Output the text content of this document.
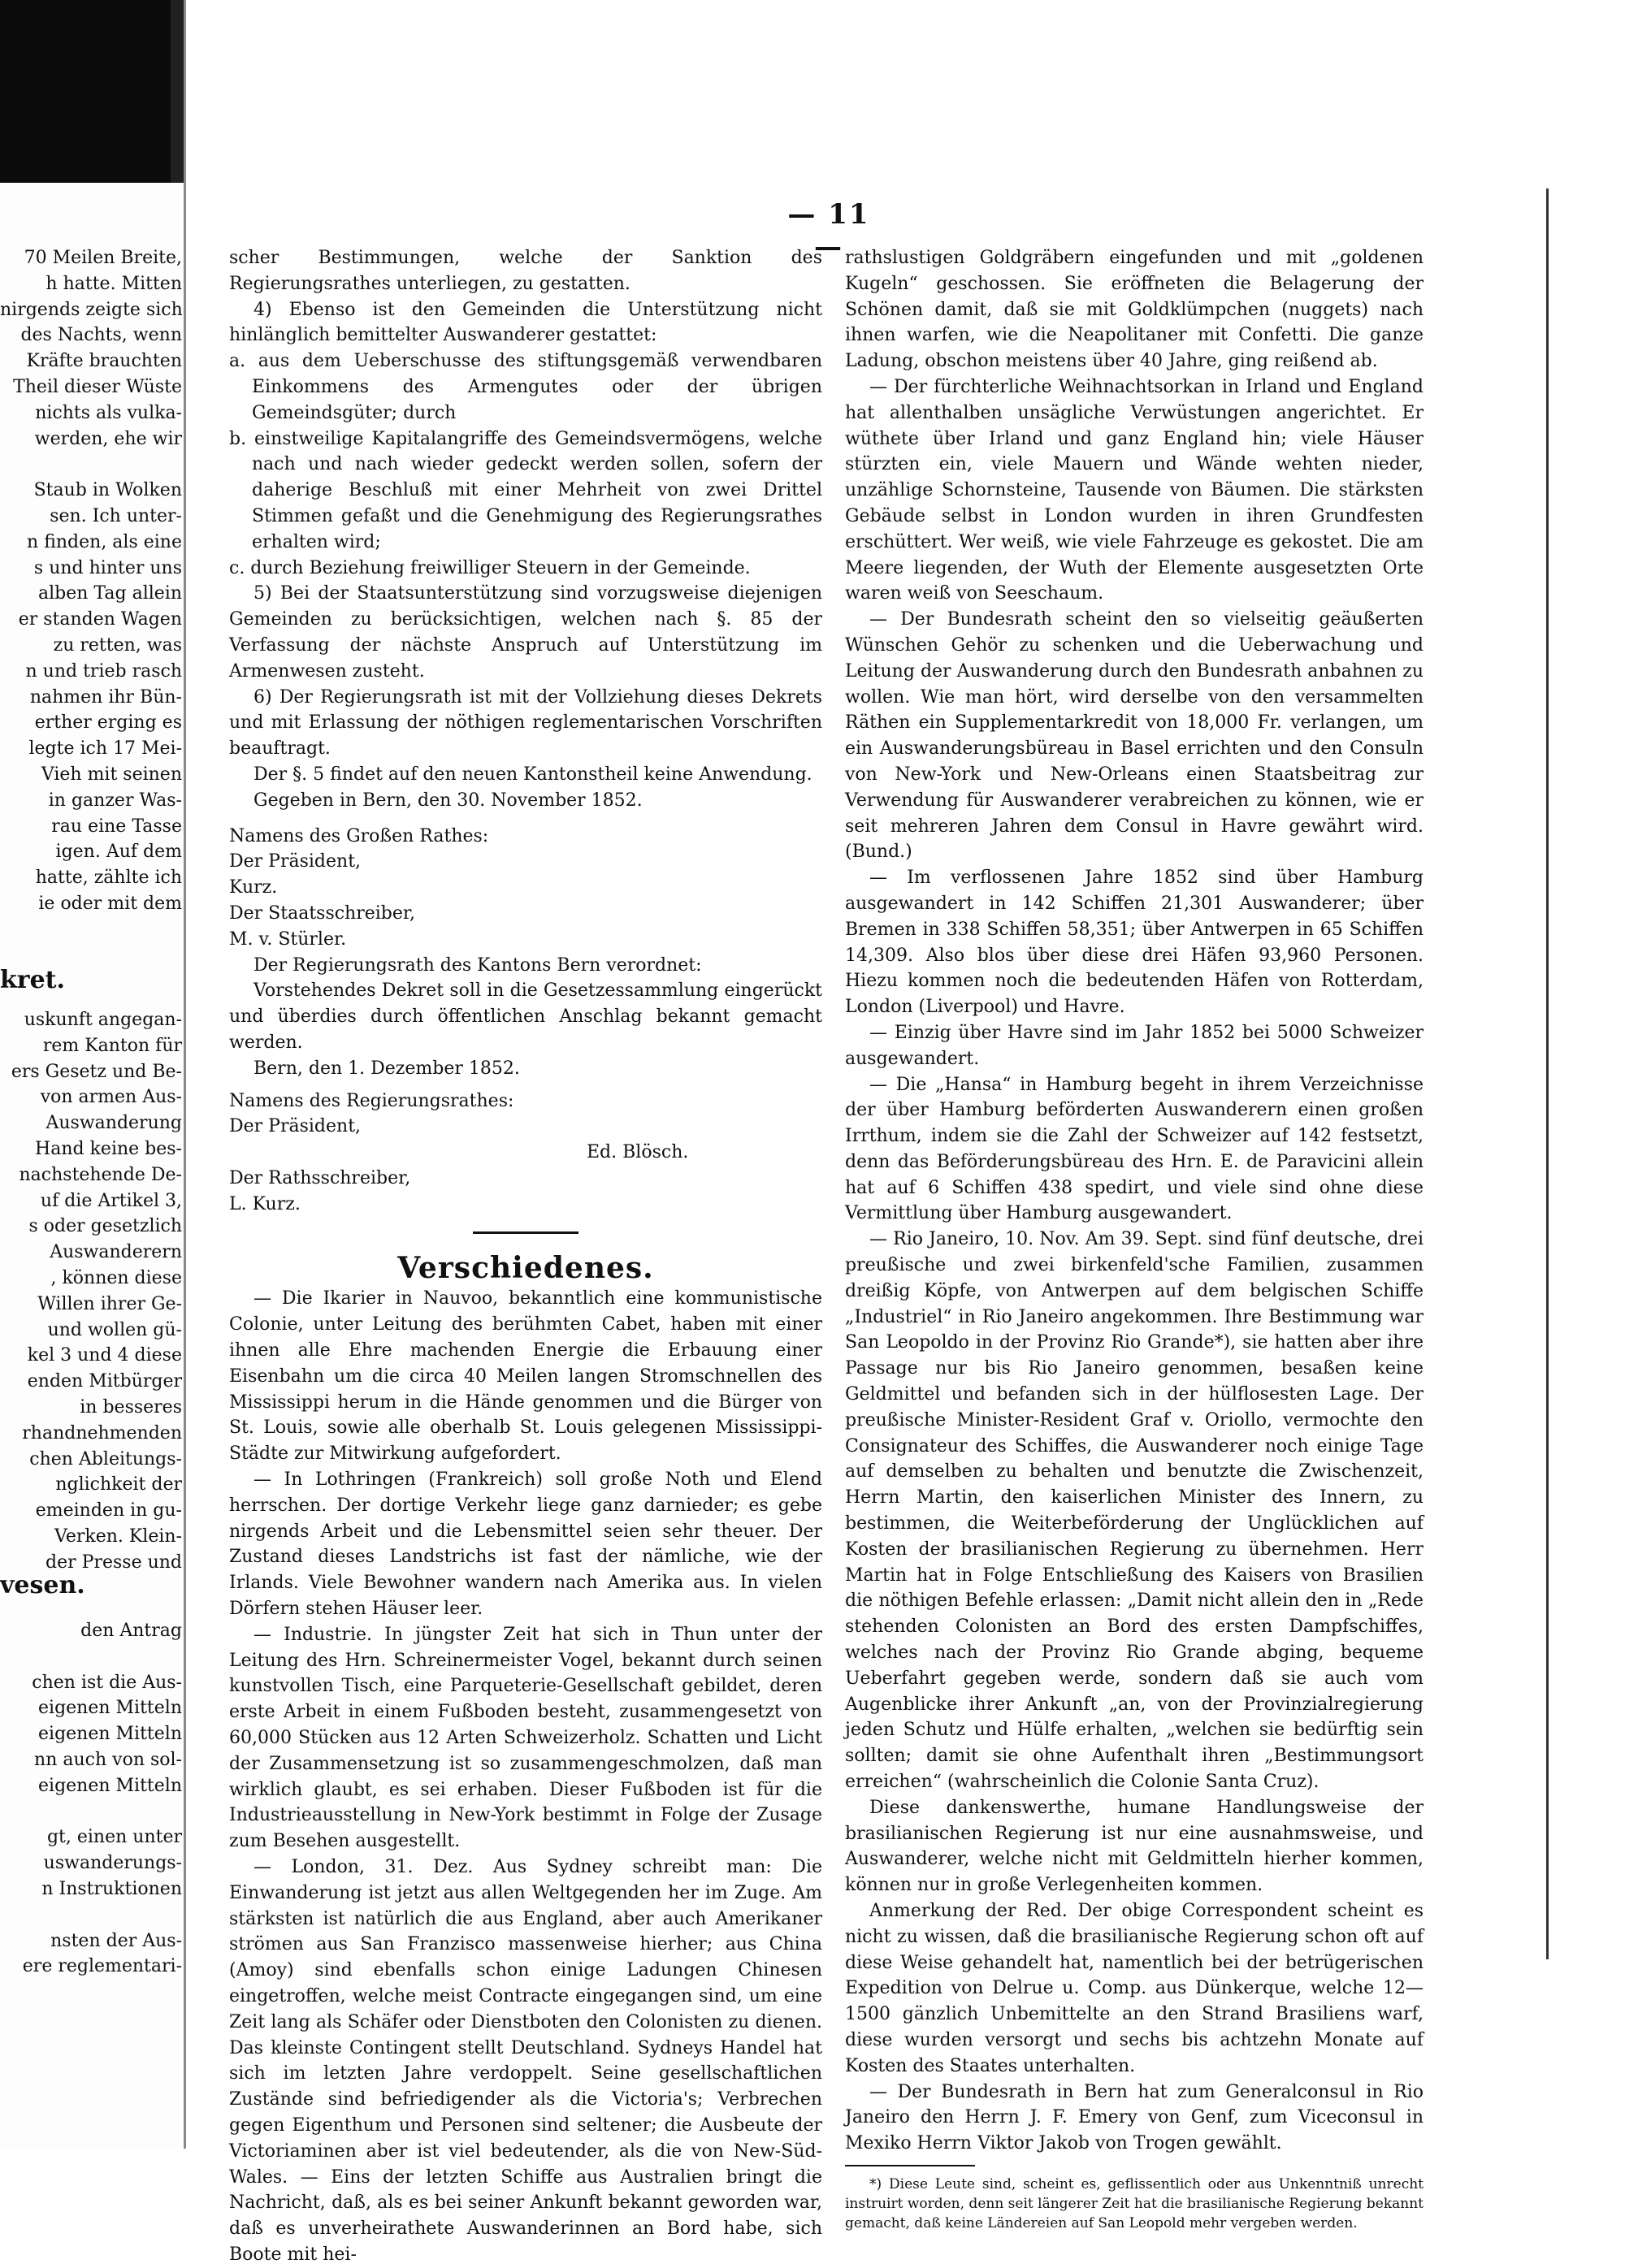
70 Meilen Breite,

h hatte. Mitten

nirgends zeigte sich

des Nachts, wenn

Kräfte brauchten

Theil dieser Wüste

nichts als vulka-

werden, ehe wir

Staub in Wolken

sen. Ich unter-

n finden, als eine

s und hinter uns

alben Tag allein

er standen Wagen

zu retten, was

n und trieb rasch

nahmen ihr Bün-

erther erging es

legte ich 17 Mei-

Vieh mit seinen

in ganzer Was-

rau eine Tasse

igen. Auf dem

hatte, zählte ich

ie oder mit dem

kret.

uskunft angegan-

rem Kanton für

ers Gesetz und Be-

von armen Aus-

Auswanderung

Hand keine bes-

nachstehende De-

uf die Artikel 3,

s oder gesetzlich

Auswanderern

, können diese

Willen ihrer Ge-

und wollen gü-

kel 3 und 4 diese

enden Mitbürger

in besseres

rhandnehmenden

chen Ableitungs-

nglichkeit der

emeinden in gu-

Verken. Klein-

der Presse und

vesen.

den Antrag

chen ist die Aus-

eigenen Mitteln

eigenen Mitteln

nn auch von sol-

eigenen Mitteln

gt, einen unter

uswanderungs-

n Instruktionen

nsten der Aus-

ere reglementari-

— 11 —

scher Bestimmungen, welche der Sanktion des Regierungsrathes unterliegen, zu gestatten.

4) Ebenso ist den Gemeinden die Unterstützung nicht hinlänglich bemittelter Auswanderer gestattet:

a. aus dem Ueberschusse des stiftungsgemäß verwendbaren Einkommens des Armengutes oder der übrigen Gemeindsgüter; durch

b. einstweilige Kapitalangriffe des Gemeindsvermögens, welche nach und nach wieder gedeckt werden sollen, sofern der daherige Beschluß mit einer Mehrheit von zwei Drittel Stimmen gefaßt und die Genehmigung des Regierungsrathes erhalten wird;

c. durch Beziehung freiwilliger Steuern in der Gemeinde.

5) Bei der Staatsunterstützung sind vorzugsweise diejenigen Gemeinden zu berücksichtigen, welchen nach §. 85 der Verfassung der nächste Anspruch auf Unterstützung im Armenwesen zusteht.

6) Der Regierungsrath ist mit der Vollziehung dieses Dekrets und mit Erlassung der nöthigen reglementarischen Vorschriften beauftragt.

Der §. 5 findet auf den neuen Kantonstheil keine Anwendung.

Gegeben in Bern, den 30. November 1852.

Namens des Großen Rathes:

Der Präsident,

Kurz.

Der Staatsschreiber,

M. v. Stürler.

Der Regierungsrath des Kantons Bern verordnet:

Vorstehendes Dekret soll in die Gesetzessammlung eingerückt und überdies durch öffentlichen Anschlag bekannt gemacht werden.

Bern, den 1. Dezember 1852.

Namens des Regierungsrathes:

Der Präsident,

Ed. Blösch.

Der Rathsschreiber,

L. Kurz.

Verschiedenes.

— Die Ikarier in Nauvoo, bekanntlich eine kommunistische Colonie, unter Leitung des berühmten Cabet, haben mit einer ihnen alle Ehre machenden Energie die Erbauung einer Eisenbahn um die circa 40 Meilen langen Stromschnellen des Mississippi herum in die Hände genommen und die Bürger von St. Louis, sowie alle oberhalb St. Louis gelegenen Mississippi-Städte zur Mitwirkung aufgefordert.

— In Lothringen (Frankreich) soll große Noth und Elend herrschen. Der dortige Verkehr liege ganz darnieder; es gebe nirgends Arbeit und die Lebensmittel seien sehr theuer. Der Zustand dieses Landstrichs ist fast der nämliche, wie der Irlands. Viele Bewohner wandern nach Amerika aus. In vielen Dörfern stehen Häuser leer.

— Industrie. In jüngster Zeit hat sich in Thun unter der Leitung des Hrn. Schreinermeister Vogel, bekannt durch seinen kunstvollen Tisch, eine Parqueterie-Gesellschaft gebildet, deren erste Arbeit in einem Fußboden besteht, zusammengesetzt von 60,000 Stücken aus 12 Arten Schweizerholz. Schatten und Licht der Zusammensetzung ist so zusammengeschmolzen, daß man wirklich glaubt, es sei erhaben. Dieser Fußboden ist für die Industrieausstellung in New-York bestimmt in Folge der Zusage zum Besehen ausgestellt.

— London, 31. Dez. Aus Sydney schreibt man: Die Einwanderung ist jetzt aus allen Weltgegenden her im Zuge. Am stärksten ist natürlich die aus England, aber auch Amerikaner strömen aus San Franzisco massenweise hierher; aus China (Amoy) sind ebenfalls schon einige Ladungen Chinesen eingetroffen, welche meist Contracte eingegangen sind, um eine Zeit lang als Schäfer oder Dienstboten den Colonisten zu dienen. Das kleinste Contingent stellt Deutschland. Sydneys Handel hat sich im letzten Jahre verdoppelt. Seine gesellschaftlichen Zustände sind befriedigender als die Victoria's; Verbrechen gegen Eigenthum und Personen sind seltener; die Ausbeute der Victoriaminen aber ist viel bedeutender, als die von New-Süd-Wales. — Eins der letzten Schiffe aus Australien bringt die Nachricht, daß, als es bei seiner Ankunft bekannt geworden war, daß es unverheirathete Auswanderinnen an Bord habe, sich Boote mit hei-

rathslustigen Goldgräbern eingefunden und mit „goldenen Kugeln“ geschossen. Sie eröffneten die Belagerung der Schönen damit, daß sie mit Goldklümpchen (nuggets) nach ihnen warfen, wie die Neapolitaner mit Confetti. Die ganze Ladung, obschon meistens über 40 Jahre, ging reißend ab.

— Der fürchterliche Weihnachtsorkan in Irland und England hat allenthalben unsägliche Verwüstungen angerichtet. Er wüthete über Irland und ganz England hin; viele Häuser stürzten ein, viele Mauern und Wände wehten nieder, unzählige Schornsteine, Tausende von Bäumen. Die stärksten Gebäude selbst in London wurden in ihren Grundfesten erschüttert. Wer weiß, wie viele Fahrzeuge es gekostet. Die am Meere liegenden, der Wuth der Elemente ausgesetzten Orte waren weiß von Seeschaum.

— Der Bundesrath scheint den so vielseitig geäußerten Wünschen Gehör zu schenken und die Ueberwachung und Leitung der Auswanderung durch den Bundesrath anbahnen zu wollen. Wie man hört, wird derselbe von den versammelten Räthen ein Supplementarkredit von 18,000 Fr. verlangen, um ein Auswanderungsbüreau in Basel errichten und den Consuln von New-York und New-Orleans einen Staatsbeitrag zur Verwendung für Auswanderer verabreichen zu können, wie er seit mehreren Jahren dem Consul in Havre gewährt wird. (Bund.)

— Im verflossenen Jahre 1852 sind über Hamburg ausgewandert in 142 Schiffen 21,301 Auswanderer; über Bremen in 338 Schiffen 58,351; über Antwerpen in 65 Schiffen 14,309. Also blos über diese drei Häfen 93,960 Personen. Hiezu kommen noch die bedeutenden Häfen von Rotterdam, London (Liverpool) und Havre.

— Einzig über Havre sind im Jahr 1852 bei 5000 Schweizer ausgewandert.

— Die „Hansa“ in Hamburg begeht in ihrem Verzeichnisse der über Hamburg beförderten Auswanderern einen großen Irrthum, indem sie die Zahl der Schweizer auf 142 festsetzt, denn das Beförderungsbüreau des Hrn. E. de Paravicini allein hat auf 6 Schiffen 438 spedirt, und viele sind ohne diese Vermittlung über Hamburg ausgewandert.

— Rio Janeiro, 10. Nov. Am 39. Sept. sind fünf deutsche, drei preußische und zwei birkenfeld'sche Familien, zusammen dreißig Köpfe, von Antwerpen auf dem belgischen Schiffe „Industriel“ in Rio Janeiro angekommen. Ihre Bestimmung war San Leopoldo in der Provinz Rio Grande*), sie hatten aber ihre Passage nur bis Rio Janeiro genommen, besaßen keine Geldmittel und befanden sich in der hülflosesten Lage. Der preußische Minister-Resident Graf v. Oriollo, vermochte den Consignateur des Schiffes, die Auswanderer noch einige Tage auf demselben zu behalten und benutzte die Zwischenzeit, Herrn Martin, den kaiserlichen Minister des Innern, zu bestimmen, die Weiterbeförderung der Unglücklichen auf Kosten der brasilianischen Regierung zu übernehmen. Herr Martin hat in Folge Entschließung des Kaisers von Brasilien die nöthigen Befehle erlassen: „Damit nicht allein den in „Rede stehenden Colonisten an Bord des ersten Dampfschiffes, welches nach der Provinz Rio Grande abging, bequeme Ueberfahrt gegeben werde, sondern daß sie auch vom Augenblicke ihrer Ankunft „an, von der Provinzialregierung jeden Schutz und Hülfe erhalten, „welchen sie bedürftig sein sollten; damit sie ohne Aufenthalt ihren „Bestimmungsort erreichen“ (wahrscheinlich die Colonie Santa Cruz).

Diese dankenswerthe, humane Handlungsweise der brasilianischen Regierung ist nur eine ausnahmsweise, und Auswanderer, welche nicht mit Geldmitteln hierher kommen, können nur in große Verlegenheiten kommen.

Anmerkung der Red. Der obige Correspondent scheint es nicht zu wissen, daß die brasilianische Regierung schon oft auf diese Weise gehandelt hat, namentlich bei der betrügerischen Expedition von Delrue u. Comp. aus Dünkerque, welche 12—1500 gänzlich Unbemittelte an den Strand Brasiliens warf, diese wurden versorgt und sechs bis achtzehn Monate auf Kosten des Staates unterhalten.

— Der Bundesrath in Bern hat zum Generalconsul in Rio Janeiro den Herrn J. F. Emery von Genf, zum Viceconsul in Mexiko Herrn Viktor Jakob von Trogen gewählt.

*) Diese Leute sind, scheint es, geflissentlich oder aus Unkenntniß unrecht instruirt worden, denn seit längerer Zeit hat die brasilianische Regierung bekannt gemacht, daß keine Ländereien auf San Leopold mehr vergeben werden.
